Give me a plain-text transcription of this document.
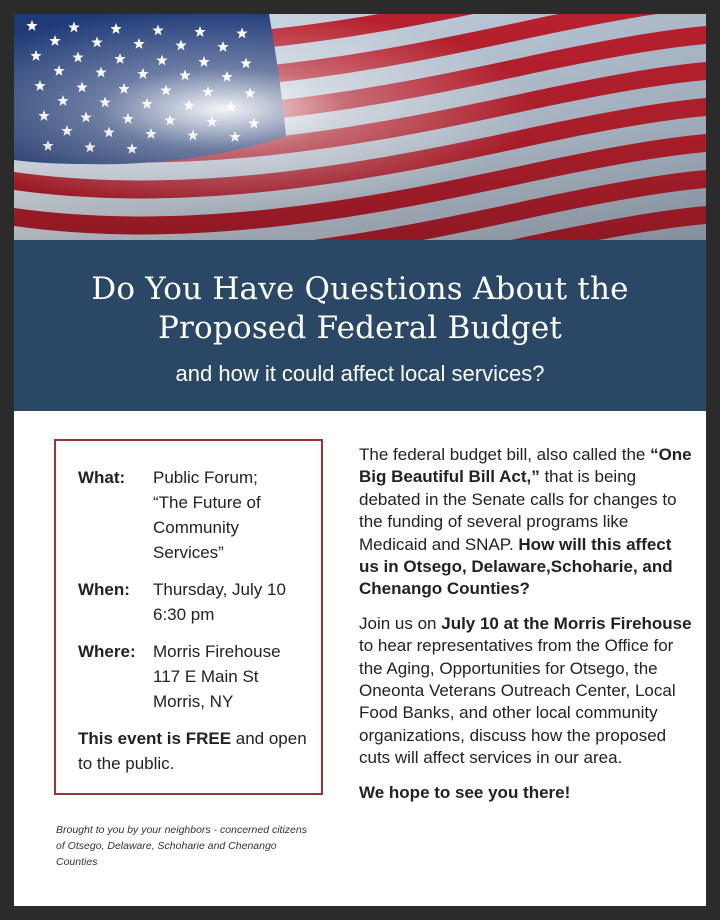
Do You Have Questions About the
Proposed Federal Budget
and how it could affect local services?
What:	Public Forum;
“The Future of
Community
Services”
When:	Thursday, July 10
6:30 pm
Where:	Morris Firehouse
117 E Main St
Morris, NY
This event is FREE and open to the public.
Brought to you by your neighbors - concerned citizens of Otsego, Delaware, Schoharie and Chenango Counties

The federal budget bill, also called the “One Big Beautiful Bill Act,” that is being debated in the Senate calls for changes to the funding of several programs like Medicaid and SNAP. How will this affect us in Otsego, Delaware,Schoharie, and Chenango Counties?

Join us on July 10 at the Morris Firehouse to hear representatives from the Office for the Aging, Opportunities for Otsego, the Oneonta Veterans Outreach Center, Local Food Banks, and other local community organizations, discuss how the proposed cuts will affect services in our area.

We hope to see you there!
